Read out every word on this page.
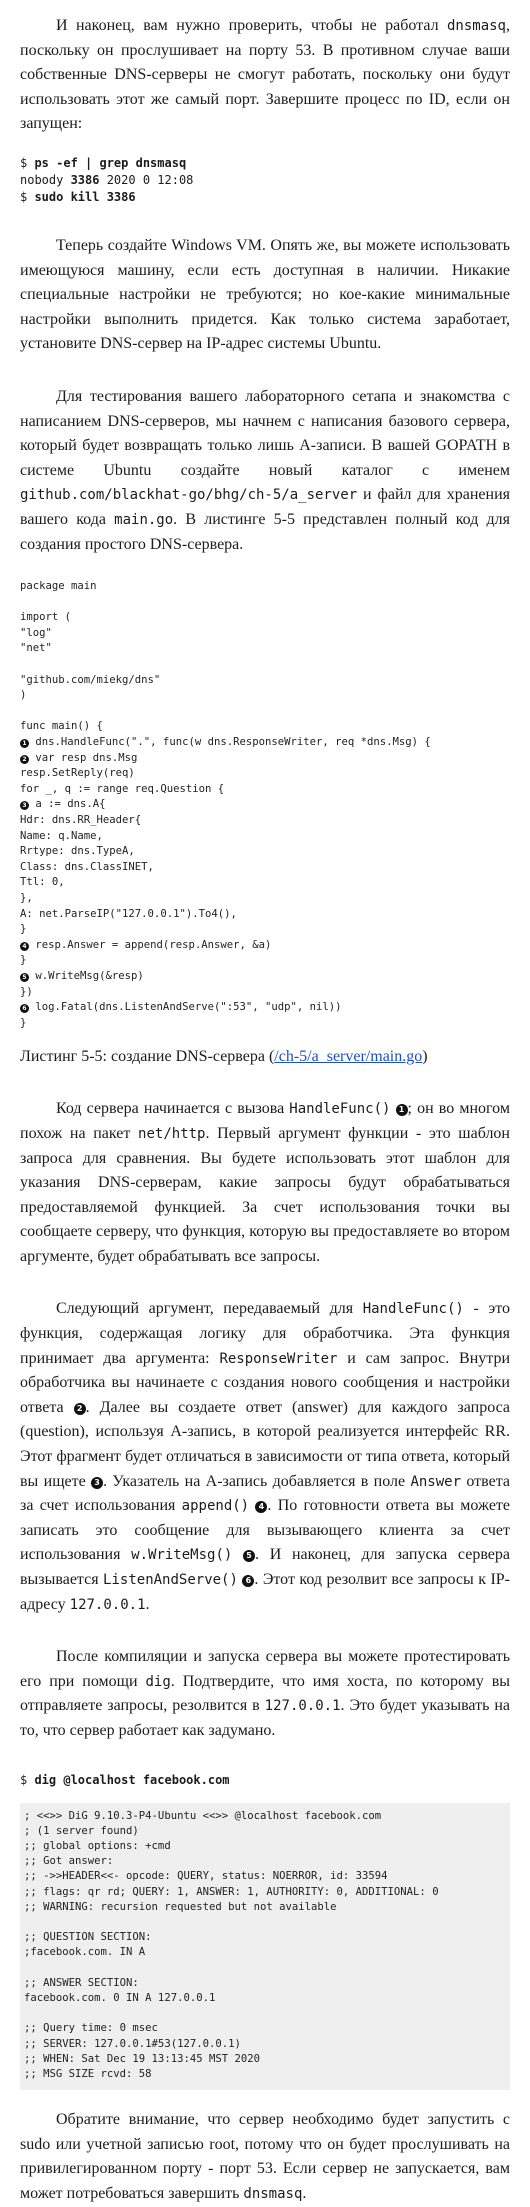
И наконец, вам нужно проверить, чтобы не работал dnsmasq, поскольку он прослушивает на порту 53. В противном случае ваши собственные DNS-серверы не смогут работать, поскольку они будут использовать этот же самый порт. Завершите процесс по ID, если он запущен:

$ ps -ef | grep dnsmasq
nobody 3386 2020 0 12:08
$ sudo kill 3386

Теперь создайте Windows VM. Опять же, вы можете использовать имеющуюся машину, если есть доступная в наличии. Никакие специальные настройки не требуются; но кое-какие минимальные настройки выполнить придется. Как только система заработает, установите DNS-сервер на IP-адрес системы Ubuntu.

Для тестирования вашего лабораторного сетапа и знакомства с написанием DNS-серверов, мы начнем с написания базового сервера, который будет возвращать только лишь A-записи. В вашей GOPATH в системе Ubuntu создайте новый каталог с именем github.com/blackhat-go/bhg/ch-5/a_server и файл для хранения вашего кода main.go. В листинге 5-5 представлен полный код для создания простого DNS-сервера.

package main

import (
"log"
"net"

"github.com/miekg/dns"
)

func main() {
1 dns.HandleFunc(".", func(w dns.ResponseWriter, req *dns.Msg) {
2 var resp dns.Msg
resp.SetReply(req)
for _, q := range req.Question {
3 a := dns.A{
Hdr: dns.RR_Header{
Name: q.Name,
Rrtype: dns.TypeA,
Class: dns.ClassINET,
Ttl: 0,
},
A: net.ParseIP("127.0.0.1").To4(),
}
4 resp.Answer = append(resp.Answer, &a)
}
5 w.WriteMsg(&resp)
})
6 log.Fatal(dns.ListenAndServe(":53", "udp", nil))
}

Листинг 5-5: создание DNS-сервера (/ch-5/a_server/main.go)

Код сервера начинается с вызова HandleFunc() 1 ; он во многом похож на пакет net/http. Первый аргумент функции - это шаблон запроса для сравнения. Вы будете использовать этот шаблон для указания DNS-серверам, какие запросы будут обрабатываться предоставляемой функцией. За счет использования точки вы сообщаете серверу, что функция, которую вы предоставляете во втором аргументе, будет обрабатывать все запросы.

Следующий аргумент, передаваемый для HandleFunc() - это функция, содержащая логику для обработчика. Эта функция принимает два аргумента: ResponseWriter и сам запрос. Внутри обработчика вы начинаете с создания нового сообщения и настройки ответа 2 . Далее вы создаете ответ (answer) для каждого запроса (question), используя A-запись, в которой реализуется интерфейс RR. Этот фрагмент будет отличаться в зависимости от типа ответа, который вы ищете 3 . Указатель на A-запись добавляется в поле Answer ответа за счет использования append() 4 . По готовности ответа вы можете записать это сообщение для вызывающего клиента за счет использования w.WriteMsg() 5 . И наконец, для запуска сервера вызывается ListenAndServe() 6 . Этот код резолвит все запросы к IP-адресу 127.0.0.1.

После компиляции и запуска сервера вы можете протестировать его при помощи dig. Подтвердите, что имя хоста, по которому вы отправляете запросы, резолвится в 127.0.0.1. Это будет указывать на то, что сервер работает как задумано.

$ dig @localhost facebook.com
; <<>> DiG 9.10.3-P4-Ubuntu <<>> @localhost facebook.com
; (1 server found)
;; global options: +cmd
;; Got answer:
;; ->>HEADER<<- opcode: QUERY, status: NOERROR, id: 33594
;; flags: qr rd; QUERY: 1, ANSWER: 1, AUTHORITY: 0, ADDITIONAL: 0
;; WARNING: recursion requested but not available

;; QUESTION SECTION:
;facebook.com. IN A

;; ANSWER SECTION:
facebook.com. 0 IN A 127.0.0.1

;; Query time: 0 msec
;; SERVER: 127.0.0.1#53(127.0.0.1)
;; WHEN: Sat Dec 19 13:13:45 MST 2020
;; MSG SIZE rcvd: 58

Обратите внимание, что сервер необходимо будет запустить с sudo или учетной записью root, потому что он будет прослушивать на привилегированном порту - порт 53. Если сервер не запускается, вам может потребоваться завершить dnsmasq.
